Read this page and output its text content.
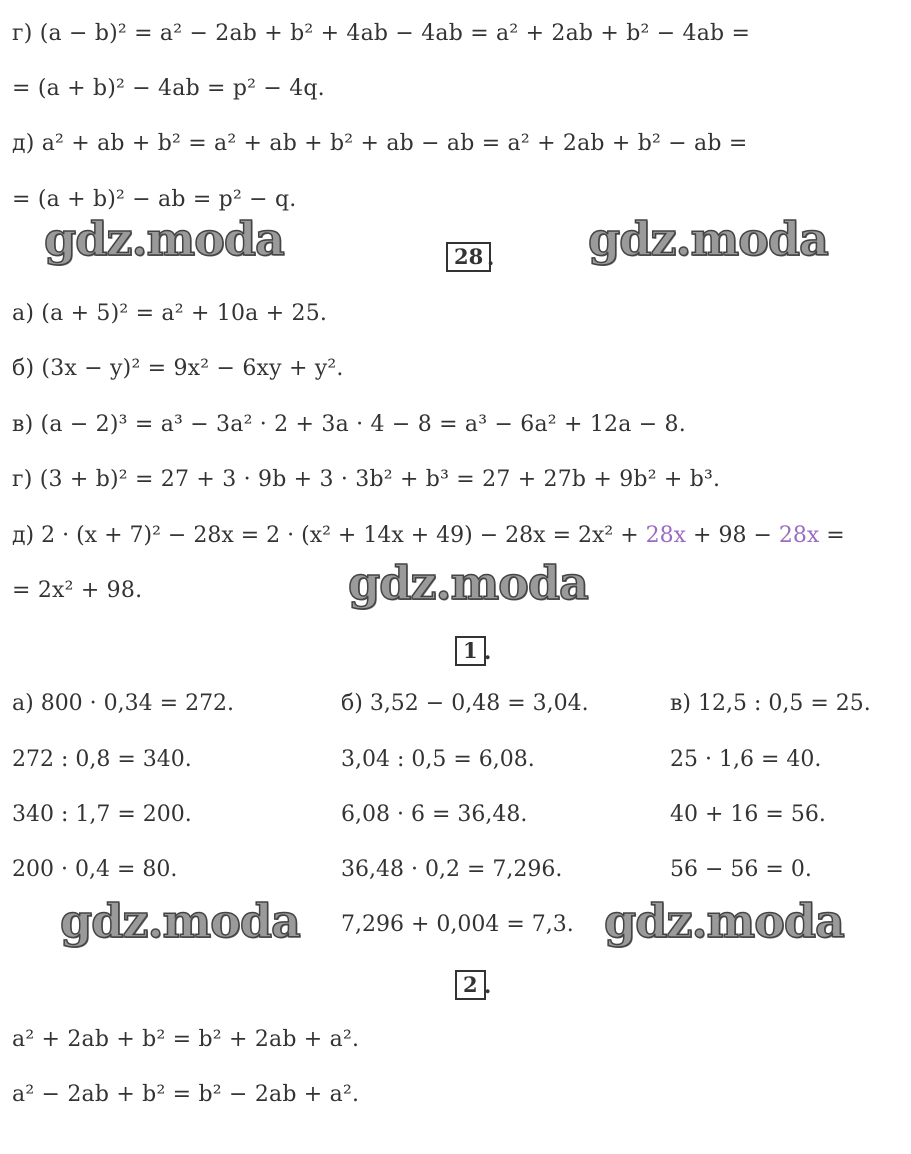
г) (a − b)² = a² − 2ab + b² + 4ab − 4ab = a² + 2ab + b² − 4ab =
= (a + b)² − 4ab = p² − 4q.
д) a² + ab + b² = a² + ab + b² + ab − ab = a² + 2ab + b² − ab =
= (a + b)² − ab = p² − q.
gdz.moda	gdz.moda
28 .
а) (a + 5)² = a² + 10a + 25.
б) (3x − y)² = 9x² − 6xy + y².
в) (a − 2)³ = a³ − 3a² · 2 + 3a · 4 − 8 = a³ − 6a² + 12a − 8.
г) (3 + b)² = 27 + 3 · 9b + 3 · 3b² + b³ = 27 + 27b + 9b² + b³.
д) 2 · (x + 7)² − 28x = 2 · (x² + 14x + 49) − 28x = 2x² + 28x + 98 − 28x =
= 2x² + 98.	gdz.moda
1 .
а) 800 · 0,34 = 272.
272 : 0,8 = 340.
340 : 1,7 = 200.
200 · 0,4 = 80.
б) 3,52 − 0,48 = 3,04.
3,04 : 0,5 = 6,08.
6,08 · 6 = 36,48.
36,48 · 0,2 = 7,296.
7,296 + 0,004 = 7,3.
в) 12,5 : 0,5 = 25.
25 · 1,6 = 40.
40 + 16 = 56.
56 − 56 = 0.
gdz.moda	gdz.moda
2 .
a² + 2ab + b² = b² + 2ab + a².
a² − 2ab + b² = b² − 2ab + a².
